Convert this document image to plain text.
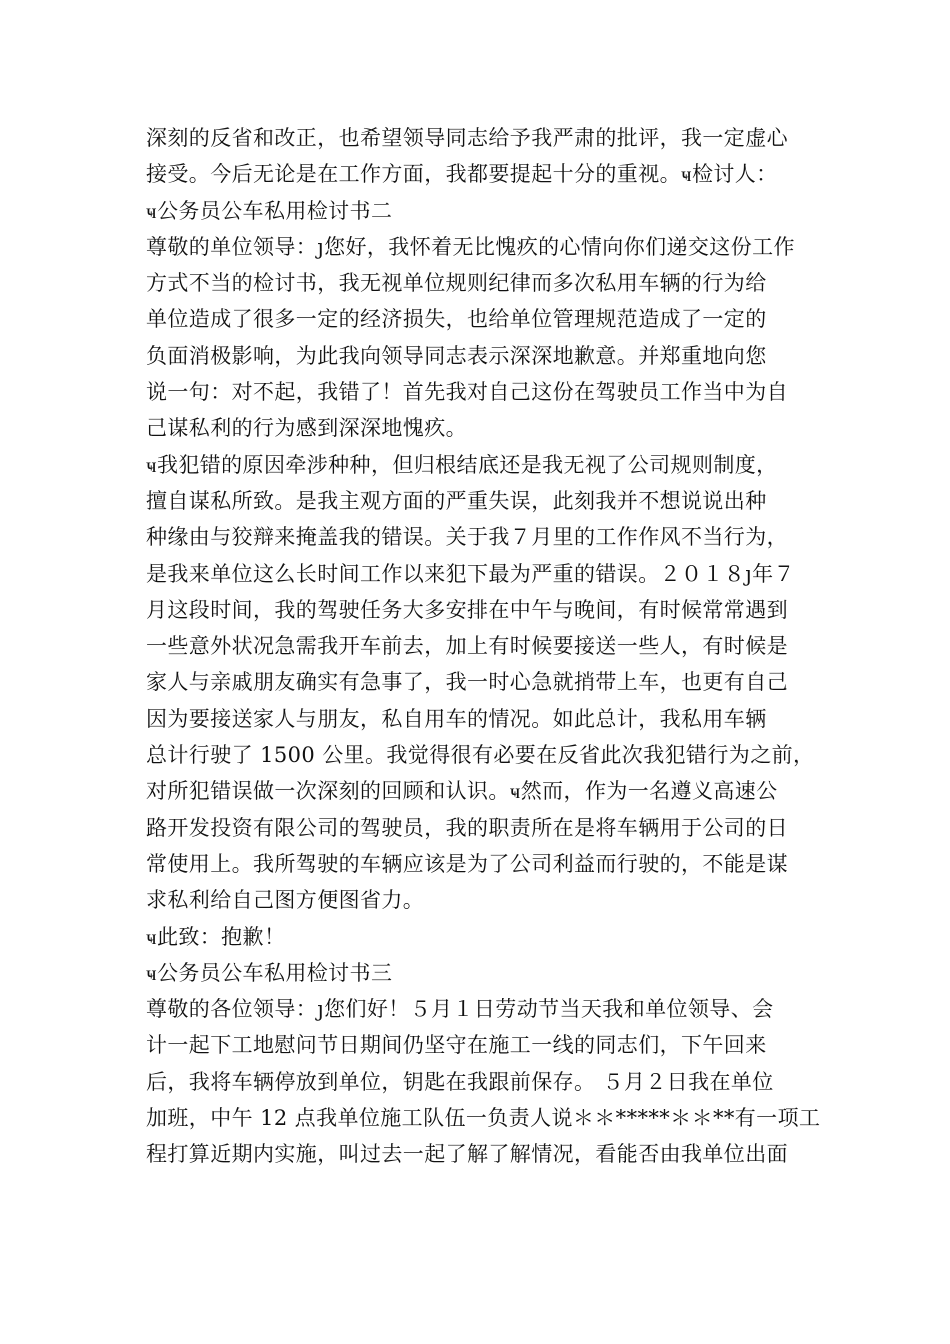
深刻的反省和改正，也希望领导同志给予我严肃的批评，我一定虚心
接受。今后无论是在工作方面，我都要提起十分的重视。ҹ检讨人：
ҹ公务员公车私用检讨书二
尊敬的单位领导：ȷ您好，我怀着无比愧疚的心情向你们递交这份工作
方式不当的检讨书，我无视单位规则纪律而多次私用车辆的行为给
单位造成了很多一定的经济损失，也给单位管理规范造成了一定的
负面消极影响，为此我向领导同志表示深深地歉意。并郑重地向您
说一句：对不起，我错了！首先我对自己这份在驾驶员工作当中为自
己谋私利的行为感到深深地愧疚。
ҹ我犯错的原因牵涉种种，但归根结底还是我无视了公司规则制度，
擅自谋私所致。是我主观方面的严重失误，此刻我并不想说说出种
种缘由与狡辩来掩盖我的错误。关于我７月里的工作作风不当行为，
是我来单位这么长时间工作以来犯下最为严重的错误。２０１８ȷ年７
月这段时间，我的驾驶任务大多安排在中午与晚间，有时候常常遇到
一些意外状况急需我开车前去，加上有时候要接送一些人，有时候是
家人与亲戚朋友确实有急事了，我一时心急就捎带上车，也更有自己
因为要接送家人与朋友，私自用车的情况。如此总计，我私用车辆
总计行驶了 1500 公里。我觉得很有必要在反省此次我犯错行为之前，
对所犯错误做一次深刻的回顾和认识。ҹ然而，作为一名遵义高速公
路开发投资有限公司的驾驶员，我的职责所在是将车辆用于公司的日
常使用上。我所驾驶的车辆应该是为了公司利益而行驶的，不能是谋
求私利给自己图方便图省力。
ҹ此致：抱歉！
ҹ公务员公车私用检讨书三
尊敬的各位领导：ȷ您们好！５月１日劳动节当天我和单位领导、会
计一起下工地慰问节日期间仍坚守在施工一线的同志们，下午回来
后，我将车辆停放到单位，钥匙在我跟前保存。 ５月２日我在单位
加班，中午 12 点我单位施工队伍一负责人说＊＊*****＊＊**有一项工
程打算近期内实施，叫过去一起了解了解情况，看能否由我单位出面
